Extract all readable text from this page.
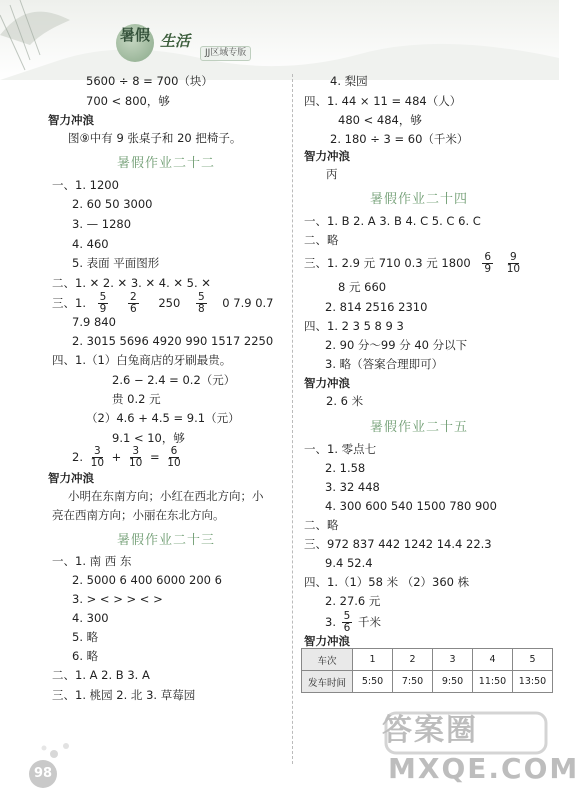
暑假 生活
JJ区域专版
5600 ÷ 8 = 700（块）
700 < 800，够
智力冲浪
图⑨中有 9 张桌子和 20 把椅子。
暑假作业二十二
一、1. 1200
2. 60 50 3000
3. — 1280
4. 460
5. 表面 平面图形
二、1. ✕ 2. ✕ 3. ✕ 4. ✕ 5. ✕
三、1. $\frac{5}{9}$
$\frac{2}{6} 250 \frac{5}{8} 0$ 7.9 0.7
7.9 840
2. 3015 5696 4920 990 1517 2250
四、1.（1）白兔商店的牙刷最贵。
2.6 − 2.4 = 0.2（元）
贵 0.2 元
（2）4.6 + 4.5 = 9.1（元）
9.1 < 10，够
2. $\frac{3}{10} + \frac{3}{10} = \frac{6}{10}$
智力冲浪
小明在东南方向；小红在西北方向；小
亮在西南方向；小丽在东北方向。
暑假作业二十三
一、1. 南 西 东
2. 5000 6 400 6000 200 6
3. > < > > < >
4. 300
5. 略
6. 略
二、1. A 2. B 3. A
三、1. 桃园 2. 北 3. 草莓园
4. 梨园
四、1. 44 × 11 = 484（人）
480 < 484，够
2. 180 ÷ 3 = 60（千米）
智力冲浪
丙
暑假作业二十四
一、1. B 2. A 3. B 4. C 5. C 6. C
二、略
三、1. 2.9 元 710 0.3 元 $1800 \frac{6}{9}$
$\frac{9}{10}$
8 元 660
2. 814 2516 2310
四、1. 2 3 5 8 9 3
2. 90 分～99 分 40 分以下
3. 略（答案合理即可）
智力冲浪
2. 6 米
暑假作业二十五
一、1. 零点七
2. 1.58
3. 32 448
4. 300 600 540 1500 780 900
二、略
三、972 837 442 1242 14.4 22.3
9.4 52.4
四、1.（1）58 米 （2）360 株
2. 27.6 元
3. $\frac{5}{6}$ 千米
智力冲浪
车次	1	2	3	4	5
发车时间	5:50	7:50	9:50	11:50	13:50
98
答案圈
MXQE.COM
